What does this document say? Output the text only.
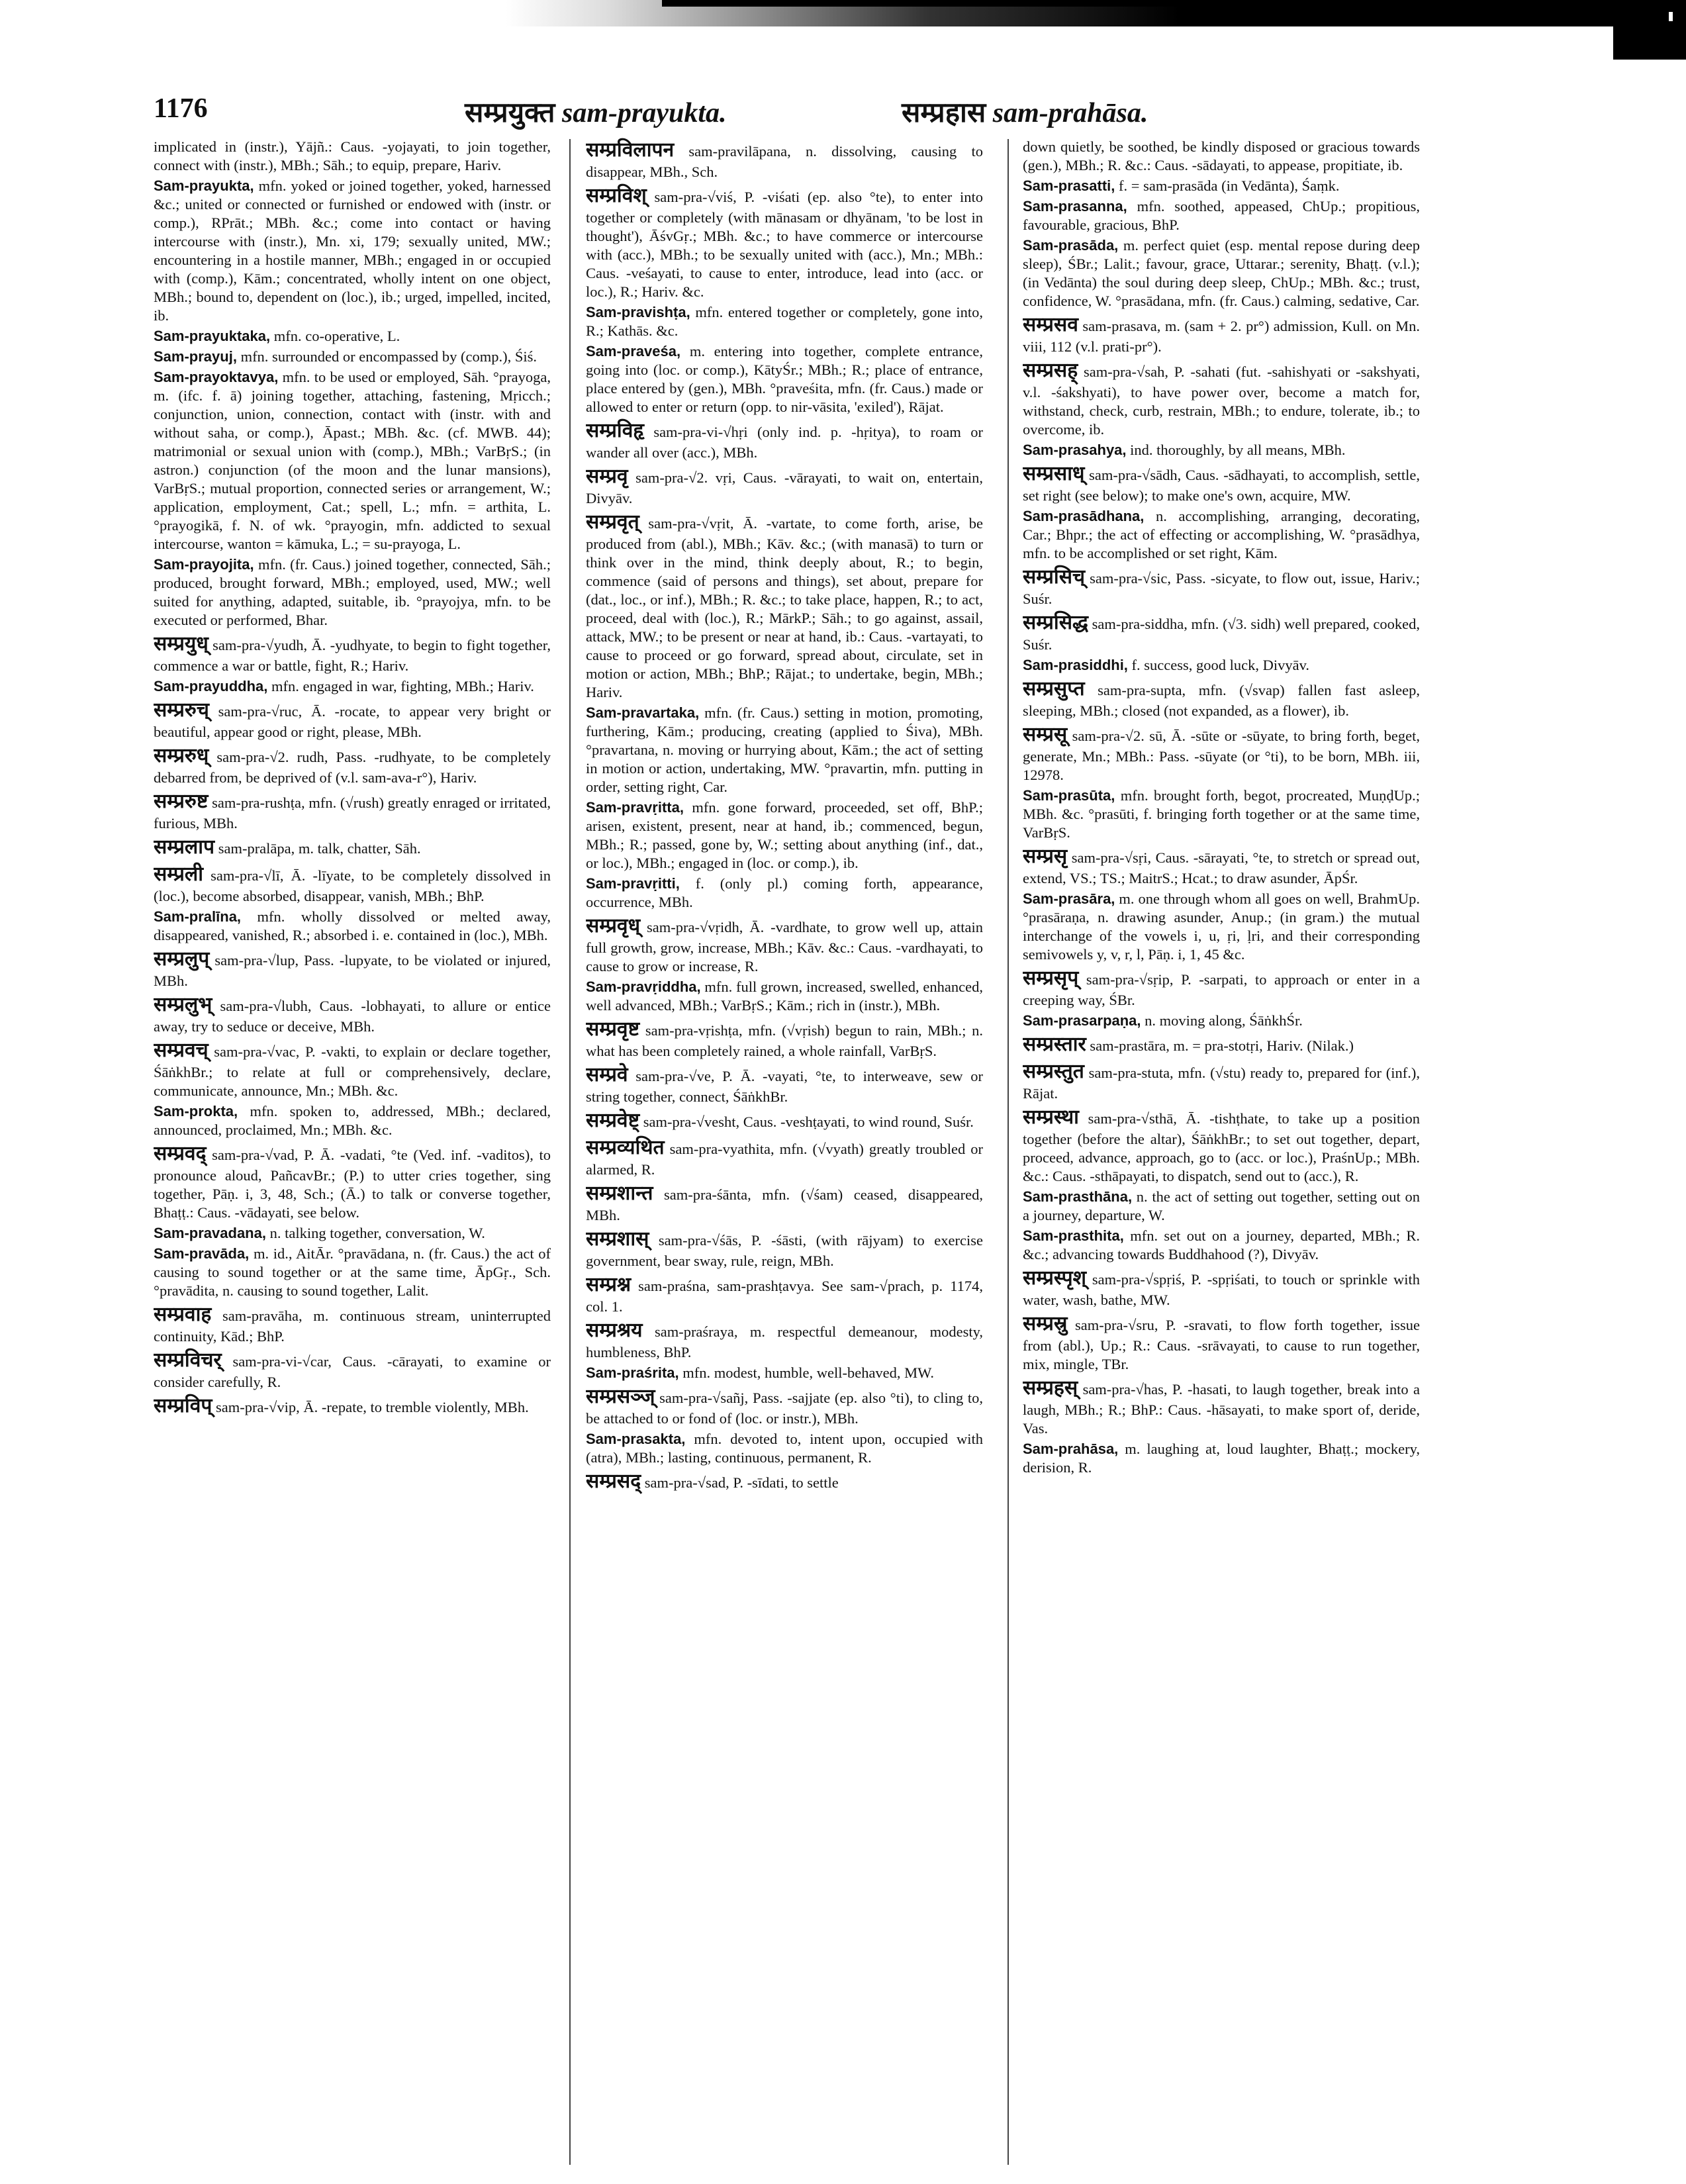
1176	सम्प्रयुक्त sam-prayukta.	सम्प्रहास sam-prahāsa.
implicated in (instr.), Yājñ.: Caus. -yojayati, to join together, connect with (instr.), MBh.; Sāh.; to equip, prepare, Hariv.
Sam-prayukta, mfn. yoked or joined together, yoked, harnessed &c.; united or connected or furnished or endowed with (instr. or comp.), RPrāt.; MBh. &c.; come into contact or having intercourse with (instr.), Mn. xi, 179; sexually united, MW.; encountering in a hostile manner, MBh.; engaged in or occupied with (comp.), Kām.; concentrated, wholly intent on one object, MBh.; bound to, dependent on (loc.), ib.; urged, impelled, incited, ib.
Sam-prayuktaka, mfn. co-operative, L.
Sam-prayuj, mfn. surrounded or encompassed by (comp.), Śiś.
Sam-prayoktavya, mfn. to be used or employed, Sāh. °prayoga, m. (ifc. f. ā) joining together, attaching, fastening, Mṛicch.; conjunction, union, connection, contact with (instr. with and without saha, or comp.), Āpast.; MBh. &c. (cf. MWB. 44); matrimonial or sexual union with (comp.), MBh.; VarBṛS.; (in astron.) conjunction (of the moon and the lunar mansions), VarBṛS.; mutual proportion, connected series or arrangement, W.; application, employment, Cat.; spell, L.; mfn. = arthita, L. °prayogikā, f. N. of wk. °prayogin, mfn. addicted to sexual intercourse, wanton = kāmuka, L.; = su-prayoga, L.
Sam-prayojita, mfn. (fr. Caus.) joined together, connected, Sāh.; produced, brought forward, MBh.; employed, used, MW.; well suited for anything, adapted, suitable, ib. °prayojya, mfn. to be executed or performed, Bhar.
सम्प्रयुध् sam-pra-√yudh, Ā. -yudhyate, to begin to fight together, commence a war or battle, fight, R.; Hariv.
Sam-prayuddha, mfn. engaged in war, fighting, MBh.; Hariv.
सम्प्ररुच् sam-pra-√ruc, Ā. -rocate, to appear very bright or beautiful, appear good or right, please, MBh.
सम्प्ररुध् sam-pra-√2. rudh, Pass. -rudhyate, to be completely debarred from, be deprived of (v.l. sam-ava-r°), Hariv.
सम्प्ररुष्ट sam-pra-rushṭa, mfn. (√rush) greatly enraged or irritated, furious, MBh.
सम्प्रलाप sam-pralāpa, m. talk, chatter, Sāh.
सम्प्रली sam-pra-√lī, Ā. -līyate, to be completely dissolved in (loc.), become absorbed, disappear, vanish, MBh.; BhP.
Sam-pralīna, mfn. wholly dissolved or melted away, disappeared, vanished, R.; absorbed i. e. contained in (loc.), MBh.
सम्प्रलुप् sam-pra-√lup, Pass. -lupyate, to be violated or injured, MBh.
सम्प्रलुभ् sam-pra-√lubh, Caus. -lobhayati, to allure or entice away, try to seduce or deceive, MBh.
सम्प्रवच् sam-pra-√vac, P. -vakti, to explain or declare together, ŚāṅkhBr.; to relate at full or comprehensively, declare, communicate, announce, Mn.; MBh. &c.
Sam-prokta, mfn. spoken to, addressed, MBh.; declared, announced, proclaimed, Mn.; MBh. &c.
सम्प्रवद् sam-pra-√vad, P. Ā. -vadati, °te (Ved. inf. -vaditos), to pronounce aloud, PañcavBr.; (P.) to utter cries together, sing together, Pāṇ. i, 3, 48, Sch.; (Ā.) to talk or converse together, Bhaṭṭ.: Caus. -vādayati, see below.
Sam-pravadana, n. talking together, conversation, W.
Sam-pravāda, m. id., AitĀr. °pravādana, n. (fr. Caus.) the act of causing to sound together or at the same time, ĀpGṛ., Sch. °pravādita, n. causing to sound together, Lalit.
सम्प्रवाह sam-pravāha, m. continuous stream, uninterrupted continuity, Kād.; BhP.
सम्प्रविचर् sam-pra-vi-√car, Caus. -cārayati, to examine or consider carefully, R.
सम्प्रविप् sam-pra-√vip, Ā. -repate, to tremble violently, MBh.
सम्प्रविलापन sam-pravilāpana, n. dissolving, causing to disappear, MBh., Sch.
सम्प्रविश् sam-pra-√viś, P. -viśati (ep. also °te), to enter into together or completely (with mānasam or dhyānam, 'to be lost in thought'), ĀśvGṛ.; MBh. &c.; to have commerce or intercourse with (acc.), MBh.; to be sexually united with (acc.), Mn.; MBh.: Caus. -veśayati, to cause to enter, introduce, lead into (acc. or loc.), R.; Hariv. &c.
Sam-pravishṭa, mfn. entered together or completely, gone into, R.; Kathās. &c.
Sam-praveśa, m. entering into together, complete entrance, going into (loc. or comp.), KātyŚr.; MBh.; R.; place of entrance, place entered by (gen.), MBh. °praveśita, mfn. (fr. Caus.) made or allowed to enter or return (opp. to nir-vāsita, 'exiled'), Rājat.
सम्प्रविहृ sam-pra-vi-√hṛi (only ind. p. -hṛitya), to roam or wander all over (acc.), MBh.
सम्प्रवृ sam-pra-√2. vṛi, Caus. -vārayati, to wait on, entertain, Divyāv.
सम्प्रवृत् sam-pra-√vṛit, Ā. -vartate, to come forth, arise, be produced from (abl.), MBh.; Kāv. &c.; (with manasā) to turn or think over in the mind, think deeply about, R.; to begin, commence (said of persons and things), set about, prepare for (dat., loc., or inf.), MBh.; R. &c.; to take place, happen, R.; to act, proceed, deal with (loc.), R.; MārkP.; Sāh.; to go against, assail, attack, MW.; to be present or near at hand, ib.: Caus. -vartayati, to cause to proceed or go forward, spread about, circulate, set in motion or action, MBh.; BhP.; Rājat.; to undertake, begin, MBh.; Hariv.
Sam-pravartaka, mfn. (fr. Caus.) setting in motion, promoting, furthering, Kām.; producing, creating (applied to Śiva), MBh. °pravartana, n. moving or hurrying about, Kām.; the act of setting in motion or action, undertaking, MW. °pravartin, mfn. putting in order, setting right, Car.
Sam-pravṛitta, mfn. gone forward, proceeded, set off, BhP.; arisen, existent, present, near at hand, ib.; commenced, begun, MBh.; R.; passed, gone by, W.; setting about anything (inf., dat., or loc.), MBh.; engaged in (loc. or comp.), ib.
Sam-pravṛitti, f. (only pl.) coming forth, appearance, occurrence, MBh.
सम्प्रवृध् sam-pra-√vṛidh, Ā. -vardhate, to grow well up, attain full growth, grow, increase, MBh.; Kāv. &c.: Caus. -vardhayati, to cause to grow or increase, R.
Sam-pravṛiddha, mfn. full grown, increased, swelled, enhanced, well advanced, MBh.; VarBṛS.; Kām.; rich in (instr.), MBh.
सम्प्रवृष्ट sam-pra-vṛishṭa, mfn. (√vṛish) begun to rain, MBh.; n. what has been completely rained, a whole rainfall, VarBṛS.
सम्प्रवे sam-pra-√ve, P. Ā. -vayati, °te, to interweave, sew or string together, connect, ŚāṅkhBr.
सम्प्रवेष्ट् sam-pra-√vesht, Caus. -veshṭayati, to wind round, Suśr.
सम्प्रव्यथित sam-pra-vyathita, mfn. (√vyath) greatly troubled or alarmed, R.
सम्प्रशान्त sam-pra-śānta, mfn. (√śam) ceased, disappeared, MBh.
सम्प्रशास् sam-pra-√śās, P. -śāsti, (with rājyam) to exercise government, bear sway, rule, reign, MBh.
सम्प्रश्न sam-praśna, sam-prashṭavya. See sam-√prach, p. 1174, col. 1.
सम्प्रश्रय sam-praśraya, m. respectful demeanour, modesty, humbleness, BhP.
Sam-praśrita, mfn. modest, humble, well-behaved, MW.
सम्प्रसञ्ज् sam-pra-√sañj, Pass. -sajjate (ep. also °ti), to cling to, be attached to or fond of (loc. or instr.), MBh.
Sam-prasakta, mfn. devoted to, intent upon, occupied with (atra), MBh.; lasting, continuous, permanent, R.
सम्प्रसद् sam-pra-√sad, P. -sīdati, to settle
down quietly, be soothed, be kindly disposed or gracious towards (gen.), MBh.; R. &c.: Caus. -sādayati, to appease, propitiate, ib.
Sam-prasatti, f. = sam-prasāda (in Vedānta), Śaṃk.
Sam-prasanna, mfn. soothed, appeased, ChUp.; propitious, favourable, gracious, BhP.
Sam-prasāda, m. perfect quiet (esp. mental repose during deep sleep), ŚBr.; Lalit.; favour, grace, Uttarar.; serenity, Bhaṭṭ. (v.l.); (in Vedānta) the soul during deep sleep, ChUp.; MBh. &c.; trust, confidence, W. °prasādana, mfn. (fr. Caus.) calming, sedative, Car.
सम्प्रसव sam-prasava, m. (sam + 2. pr°) admission, Kull. on Mn. viii, 112 (v.l. prati-pr°).
सम्प्रसह् sam-pra-√sah, P. -sahati (fut. -sahishyati or -sakshyati, v.l. -śakshyati), to have power over, become a match for, withstand, check, curb, restrain, MBh.; to endure, tolerate, ib.; to overcome, ib.
Sam-prasahya, ind. thoroughly, by all means, MBh.
सम्प्रसाध् sam-pra-√sādh, Caus. -sādhayati, to accomplish, settle, set right (see below); to make one's own, acquire, MW.
Sam-prasādhana, n. accomplishing, arranging, decorating, Car.; Bhpr.; the act of effecting or accomplishing, W. °prasādhya, mfn. to be accomplished or set right, Kām.
सम्प्रसिच् sam-pra-√sic, Pass. -sicyate, to flow out, issue, Hariv.; Suśr.
सम्प्रसिद्ध sam-pra-siddha, mfn. (√3. sidh) well prepared, cooked, Suśr.
Sam-prasiddhi, f. success, good luck, Divyāv.
सम्प्रसुप्त sam-pra-supta, mfn. (√svap) fallen fast asleep, sleeping, MBh.; closed (not expanded, as a flower), ib.
सम्प्रसू sam-pra-√2. sū, Ā. -sūte or -sūyate, to bring forth, beget, generate, Mn.; MBh.: Pass. -sūyate (or °ti), to be born, MBh. iii, 12978.
Sam-prasūta, mfn. brought forth, begot, procreated, MuṇḍUp.; MBh. &c. °prasūti, f. bringing forth together or at the same time, VarBṛS.
सम्प्रसृ sam-pra-√sṛi, Caus. -sārayati, °te, to stretch or spread out, extend, VS.; TS.; MaitrS.; Hcat.; to draw asunder, ĀpŚr.
Sam-prasāra, m. one through whom all goes on well, BrahmUp. °prasāraṇa, n. drawing asunder, Anup.; (in gram.) the mutual interchange of the vowels i, u, ṛi, ḷri, and their corresponding semivowels y, v, r, l, Pāṇ. i, 1, 45 &c.
सम्प्रसृप् sam-pra-√sṛip, P. -sarpati, to approach or enter in a creeping way, ŚBr.
Sam-prasarpaṇa, n. moving along, ŚāṅkhŚr.
सम्प्रस्तार sam-prastāra, m. = pra-stotṛi, Hariv. (Nilak.)
सम्प्रस्तुत sam-pra-stuta, mfn. (√stu) ready to, prepared for (inf.), Rājat.
सम्प्रस्था sam-pra-√sthā, Ā. -tishṭhate, to take up a position together (before the altar), ŚāṅkhBr.; to set out together, depart, proceed, advance, approach, go to (acc. or loc.), PraśnUp.; MBh. &c.: Caus. -sthāpayati, to dispatch, send out to (acc.), R.
Sam-prasthāna, n. the act of setting out together, setting out on a journey, departure, W.
Sam-prasthita, mfn. set out on a journey, departed, MBh.; R. &c.; advancing towards Buddhahood (?), Divyāv.
सम्प्रस्पृश् sam-pra-√spṛiś, P. -spṛiśati, to touch or sprinkle with water, wash, bathe, MW.
सम्प्रस्रु sam-pra-√sru, P. -sravati, to flow forth together, issue from (abl.), Up.; R.: Caus. -srāvayati, to cause to run together, mix, mingle, TBr.
सम्प्रहस् sam-pra-√has, P. -hasati, to laugh together, break into a laugh, MBh.; R.; BhP.: Caus. -hāsayati, to make sport of, deride, Vas.
Sam-prahāsa, m. laughing at, loud laughter, Bhaṭṭ.; mockery, derision, R.
